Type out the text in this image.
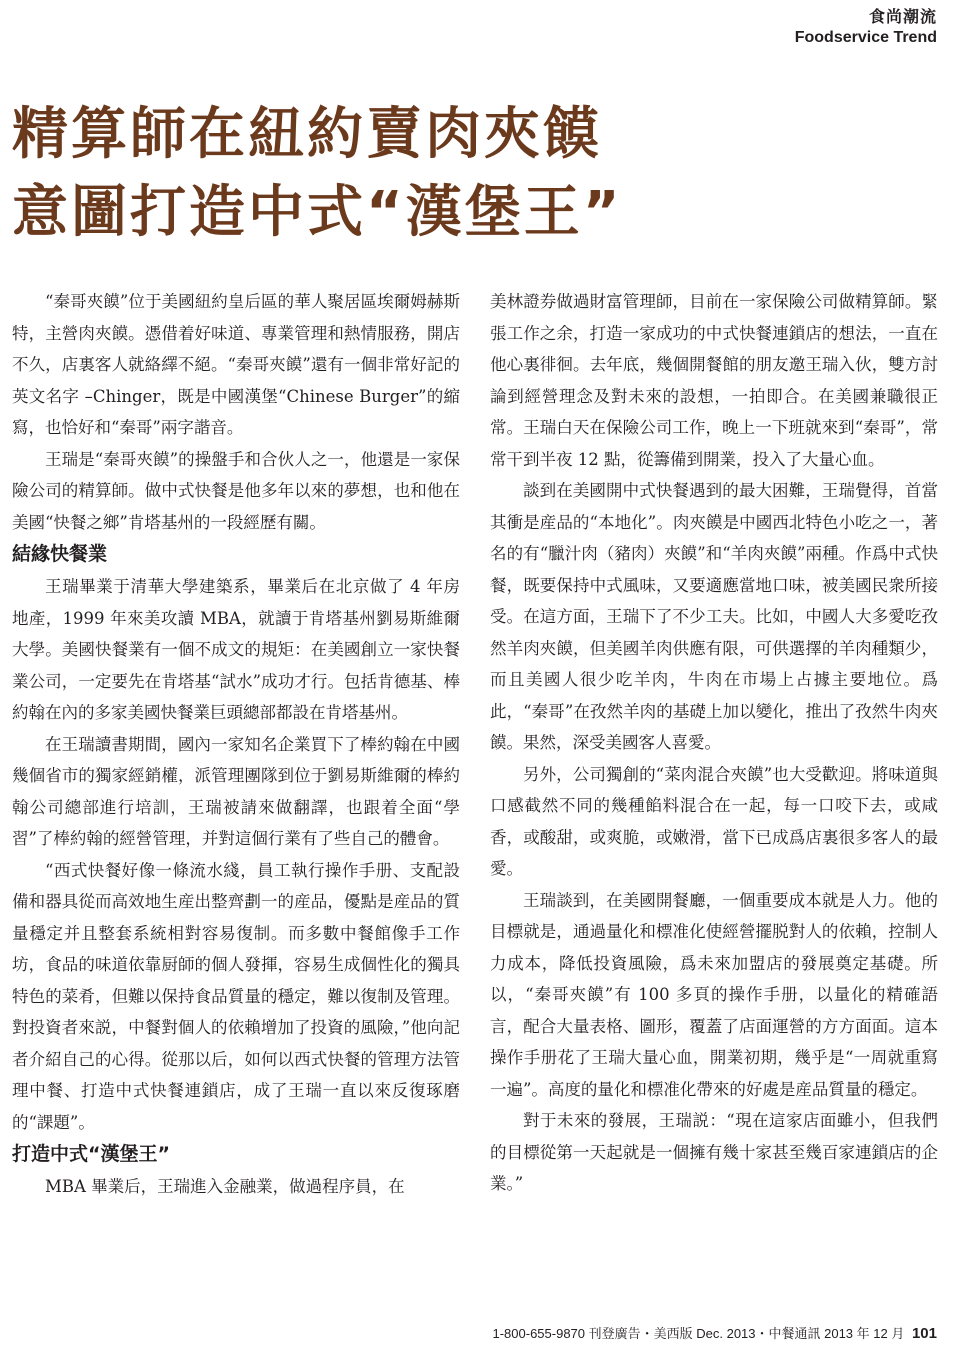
食尚潮流
Foodservice Trend
精算師在紐約賣肉夾饃
意圖打造中式“漢堡王”

“秦哥夾饃”位于美國紐約皇后區的華人聚居區埃爾姆赫斯特，主營肉夾饃。憑借着好味道、專業管理和熱情服務，開店不久，店裏客人就絡繹不絕。“秦哥夾饃”還有一個非常好記的英文名字 –Chinger，既是中國漢堡“Chinese Burger”的縮寫，也恰好和“秦哥”兩字諧音。

王瑞是“秦哥夾饃”的操盤手和合伙人之一，他還是一家保險公司的精算師。做中式快餐是他多年以來的夢想，也和他在美國“快餐之鄉”肯塔基州的一段經歷有關。

結緣快餐業

王瑞畢業于清華大學建築系，畢業后在北京做了 4 年房地產，1999 年來美攻讀 MBA，就讀于肯塔基州劉易斯維爾大學。美國快餐業有一個不成文的規矩：在美國創立一家快餐業公司，一定要先在肯塔基“試水”成功才行。包括肯德基、棒約翰在內的多家美國快餐業巨頭總部都設在肯塔基州。

在王瑞讀書期間，國內一家知名企業買下了棒約翰在中國幾個省市的獨家經銷權，派管理團隊到位于劉易斯維爾的棒約翰公司總部進行培訓，王瑞被請來做翻譯，也跟着全面“學習”了棒約翰的經營管理，并對這個行業有了些自己的體會。

“西式快餐好像一條流水綫，員工執行操作手册、支配設備和器具從而高效地生産出整齊劃一的産品，優點是産品的質量穩定并且整套系統相對容易復制。而多數中餐館像手工作坊，食品的味道依靠厨師的個人發揮，容易生成個性化的獨具特色的菜肴，但難以保持食品質量的穩定，難以復制及管理。對投資者來説，中餐對個人的依賴增加了投資的風險，”他向記者介紹自己的心得。從那以后，如何以西式快餐的管理方法管理中餐、打造中式快餐連鎖店，成了王瑞一直以來反復琢磨的“課題”。

打造中式“漢堡王”

MBA 畢業后，王瑞進入金融業，做過程序員，在

美林證券做過財富管理師，目前在一家保險公司做精算師。緊張工作之余，打造一家成功的中式快餐連鎖店的想法，一直在他心裏徘徊。去年底，幾個開餐館的朋友邀王瑞入伙，雙方討論到經營理念及對未來的設想，一拍即合。在美國兼職很正常。王瑞白天在保險公司工作，晚上一下班就來到“秦哥”，常常干到半夜 12 點，從籌備到開業，投入了大量心血。

談到在美國開中式快餐遇到的最大困難，王瑞覺得，首當其衝是産品的“本地化”。肉夾饃是中國西北特色小吃之一，著名的有“臘汁肉（豬肉）夾饃”和“羊肉夾饃”兩種。作爲中式快餐，既要保持中式風味，又要適應當地口味，被美國民衆所接受。在這方面，王瑞下了不少工夫。比如，中國人大多愛吃孜然羊肉夾饃，但美國羊肉供應有限，可供選擇的羊肉種類少，而且美國人很少吃羊肉，牛肉在市場上占據主要地位。爲此，“秦哥”在孜然羊肉的基礎上加以變化，推出了孜然牛肉夾饃。果然，深受美國客人喜愛。

另外，公司獨創的“菜肉混合夾饃”也大受歡迎。將味道與口感截然不同的幾種餡料混合在一起，每一口咬下去，或咸香，或酸甜，或爽脆，或嫩滑，當下已成爲店裏很多客人的最愛。

王瑞談到，在美國開餐廳，一個重要成本就是人力。他的目標就是，通過量化和標准化使經營擺脱對人的依賴，控制人力成本，降低投資風險，爲未來加盟店的發展奠定基礎。所以，“秦哥夾饃”有 100 多頁的操作手册，以量化的精確語言，配合大量表格、圖形，覆蓋了店面運營的方方面面。這本操作手册花了王瑞大量心血，開業初期，幾乎是“一周就重寫一遍”。高度的量化和標准化帶來的好處是産品質量的穩定。

對于未來的發展，王瑞説：“現在這家店面雖小，但我們的目標從第一天起就是一個擁有幾十家甚至幾百家連鎖店的企業。”

1-800-655-9870 刊登廣告・美西版 Dec. 2013・中餐通訊 2013 年 12 月 101
